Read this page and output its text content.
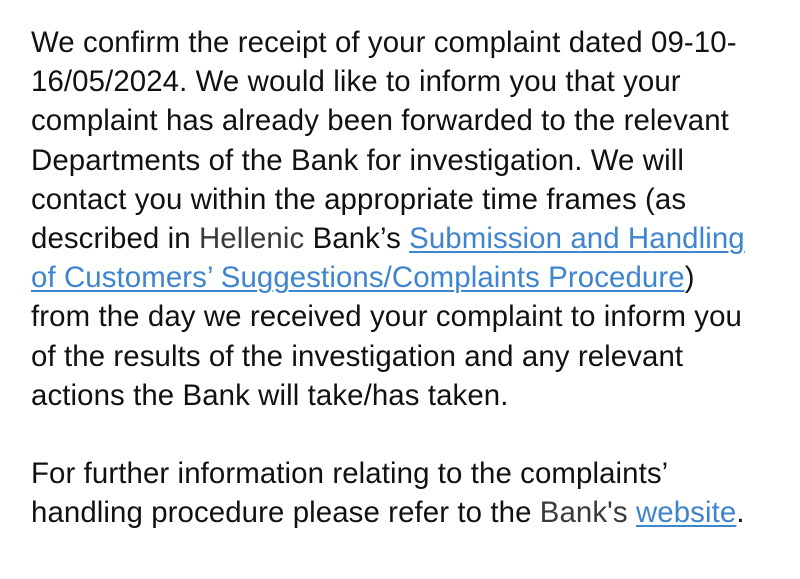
We confirm the receipt of your complaint dated 09-10-
16/05/2024. We would like to inform you that your
complaint has already been forwarded to the relevant
Departments of the Bank for investigation. We will
contact you within the appropriate time frames (as
described in Hellenic Bank’s Submission and Handling
of Customers’ Suggestions/Complaints Procedure)
from the day we received your complaint to inform you
of the results of the investigation and any relevant
actions the Bank will take/has taken.
For further information relating to the complaints’
handling procedure please refer to the Bank's website.
